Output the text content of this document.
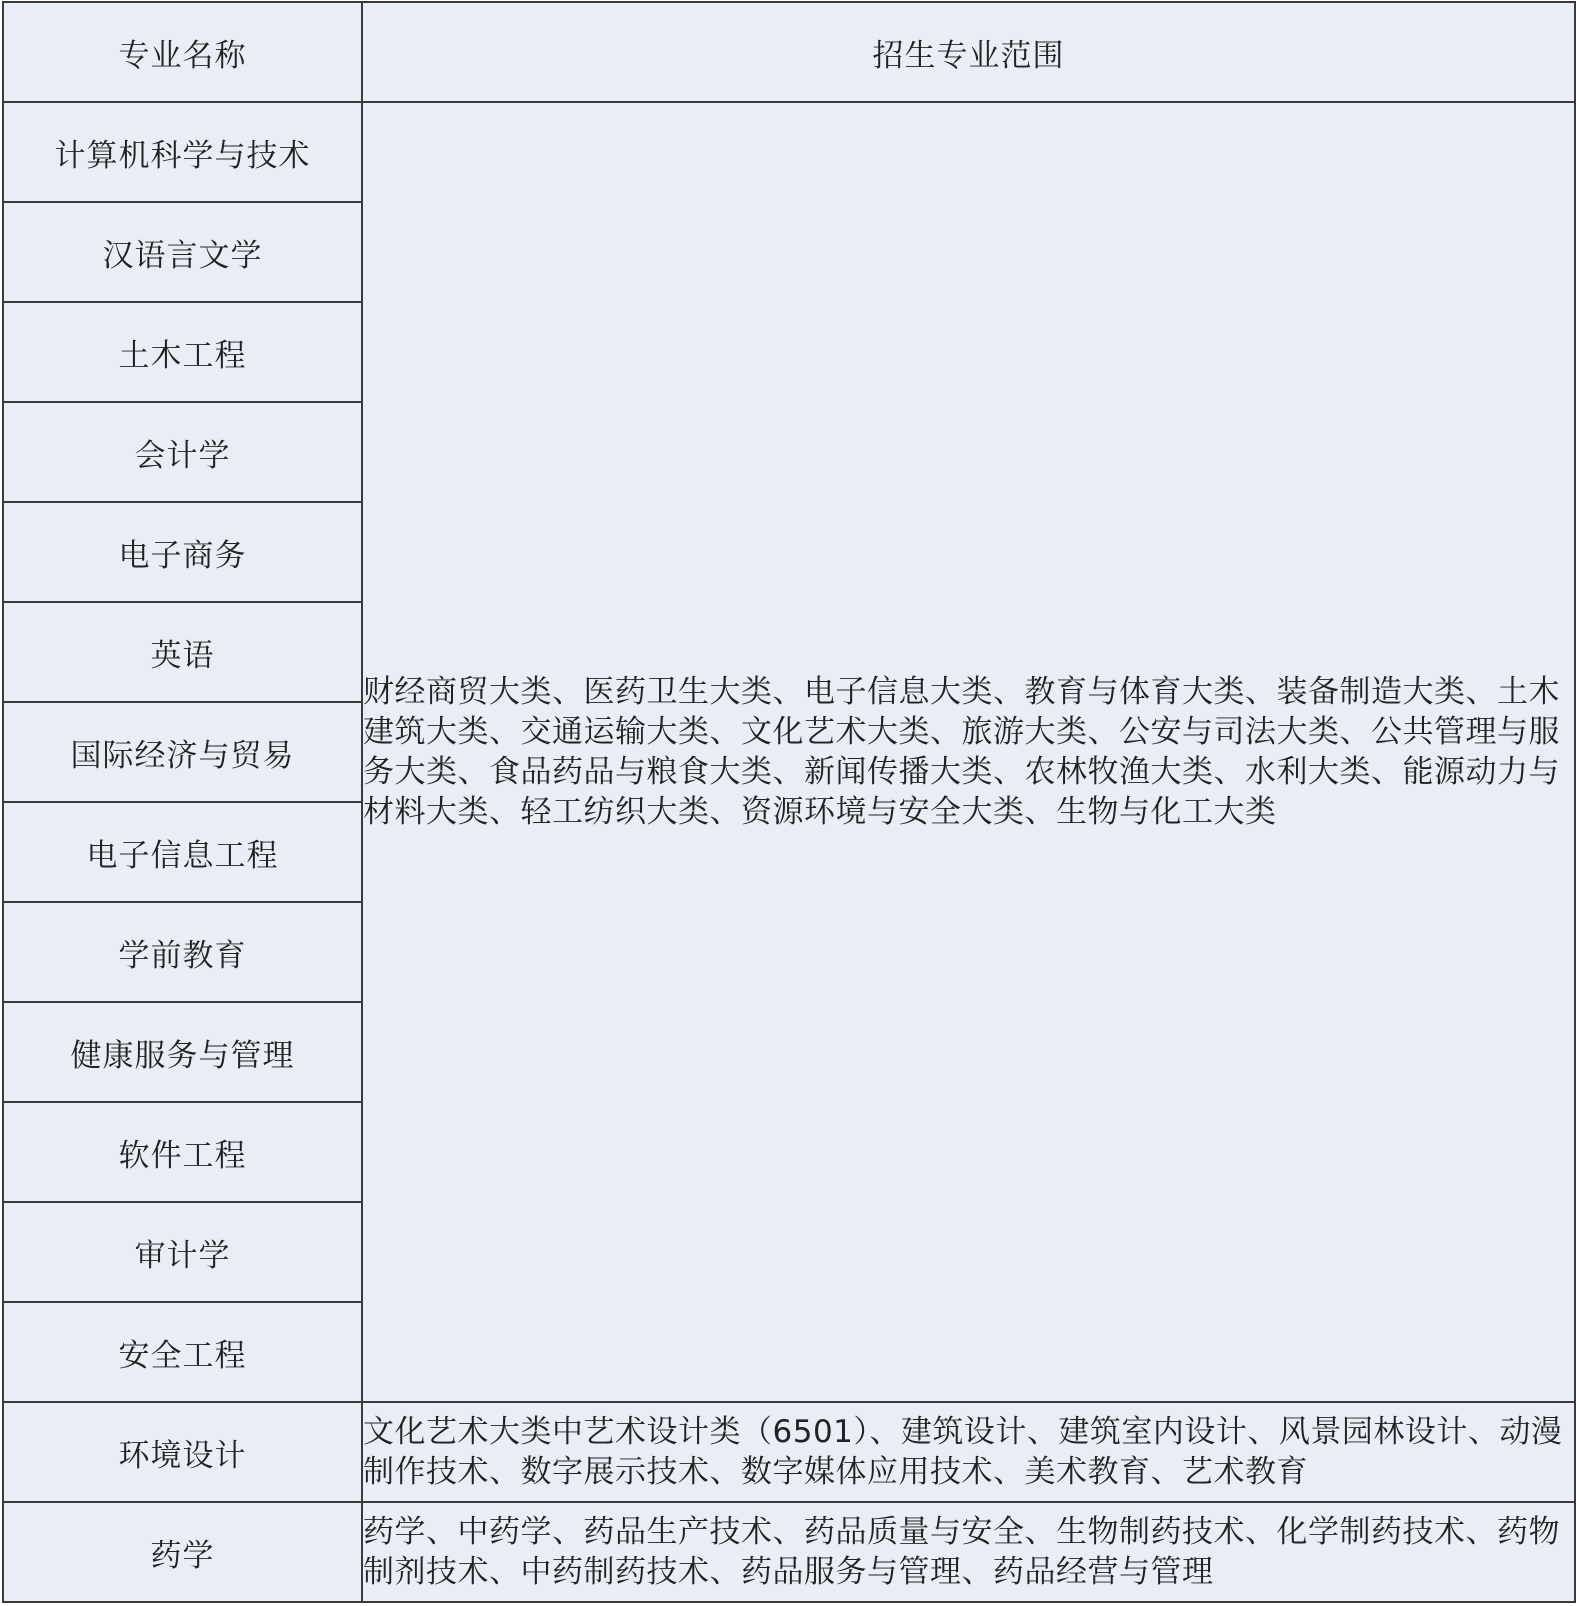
专业名称	招生专业范围
计算机科学与技术	财经商贸大类、医药卫生大类、电子信息大类、教育与体育大类、装备制造大类、土木建筑大类、交通运输大类、文化艺术大类、旅游大类、公安与司法大类、公共管理与服务大类、食品药品与粮食大类、新闻传播大类、农林牧渔大类、水利大类、能源动力与材料大类、轻工纺织大类、资源环境与安全大类、生物与化工大类
汉语言文学	
土木工程	
会计学	
电子商务	
英语	
国际经济与贸易	
电子信息工程	
学前教育	
健康服务与管理	
软件工程	
审计学	
安全工程	
环境设计	文化艺术大类中艺术设计类（6501）、建筑设计、建筑室内设计、风景园林设计、动漫制作技术、数字展示技术、数字媒体应用技术、美术教育、艺术教育
药学	药学、中药学、药品生产技术、药品质量与安全、生物制药技术、化学制药技术、药物制剂技术、中药制药技术、药品服务与管理、药品经营与管理
